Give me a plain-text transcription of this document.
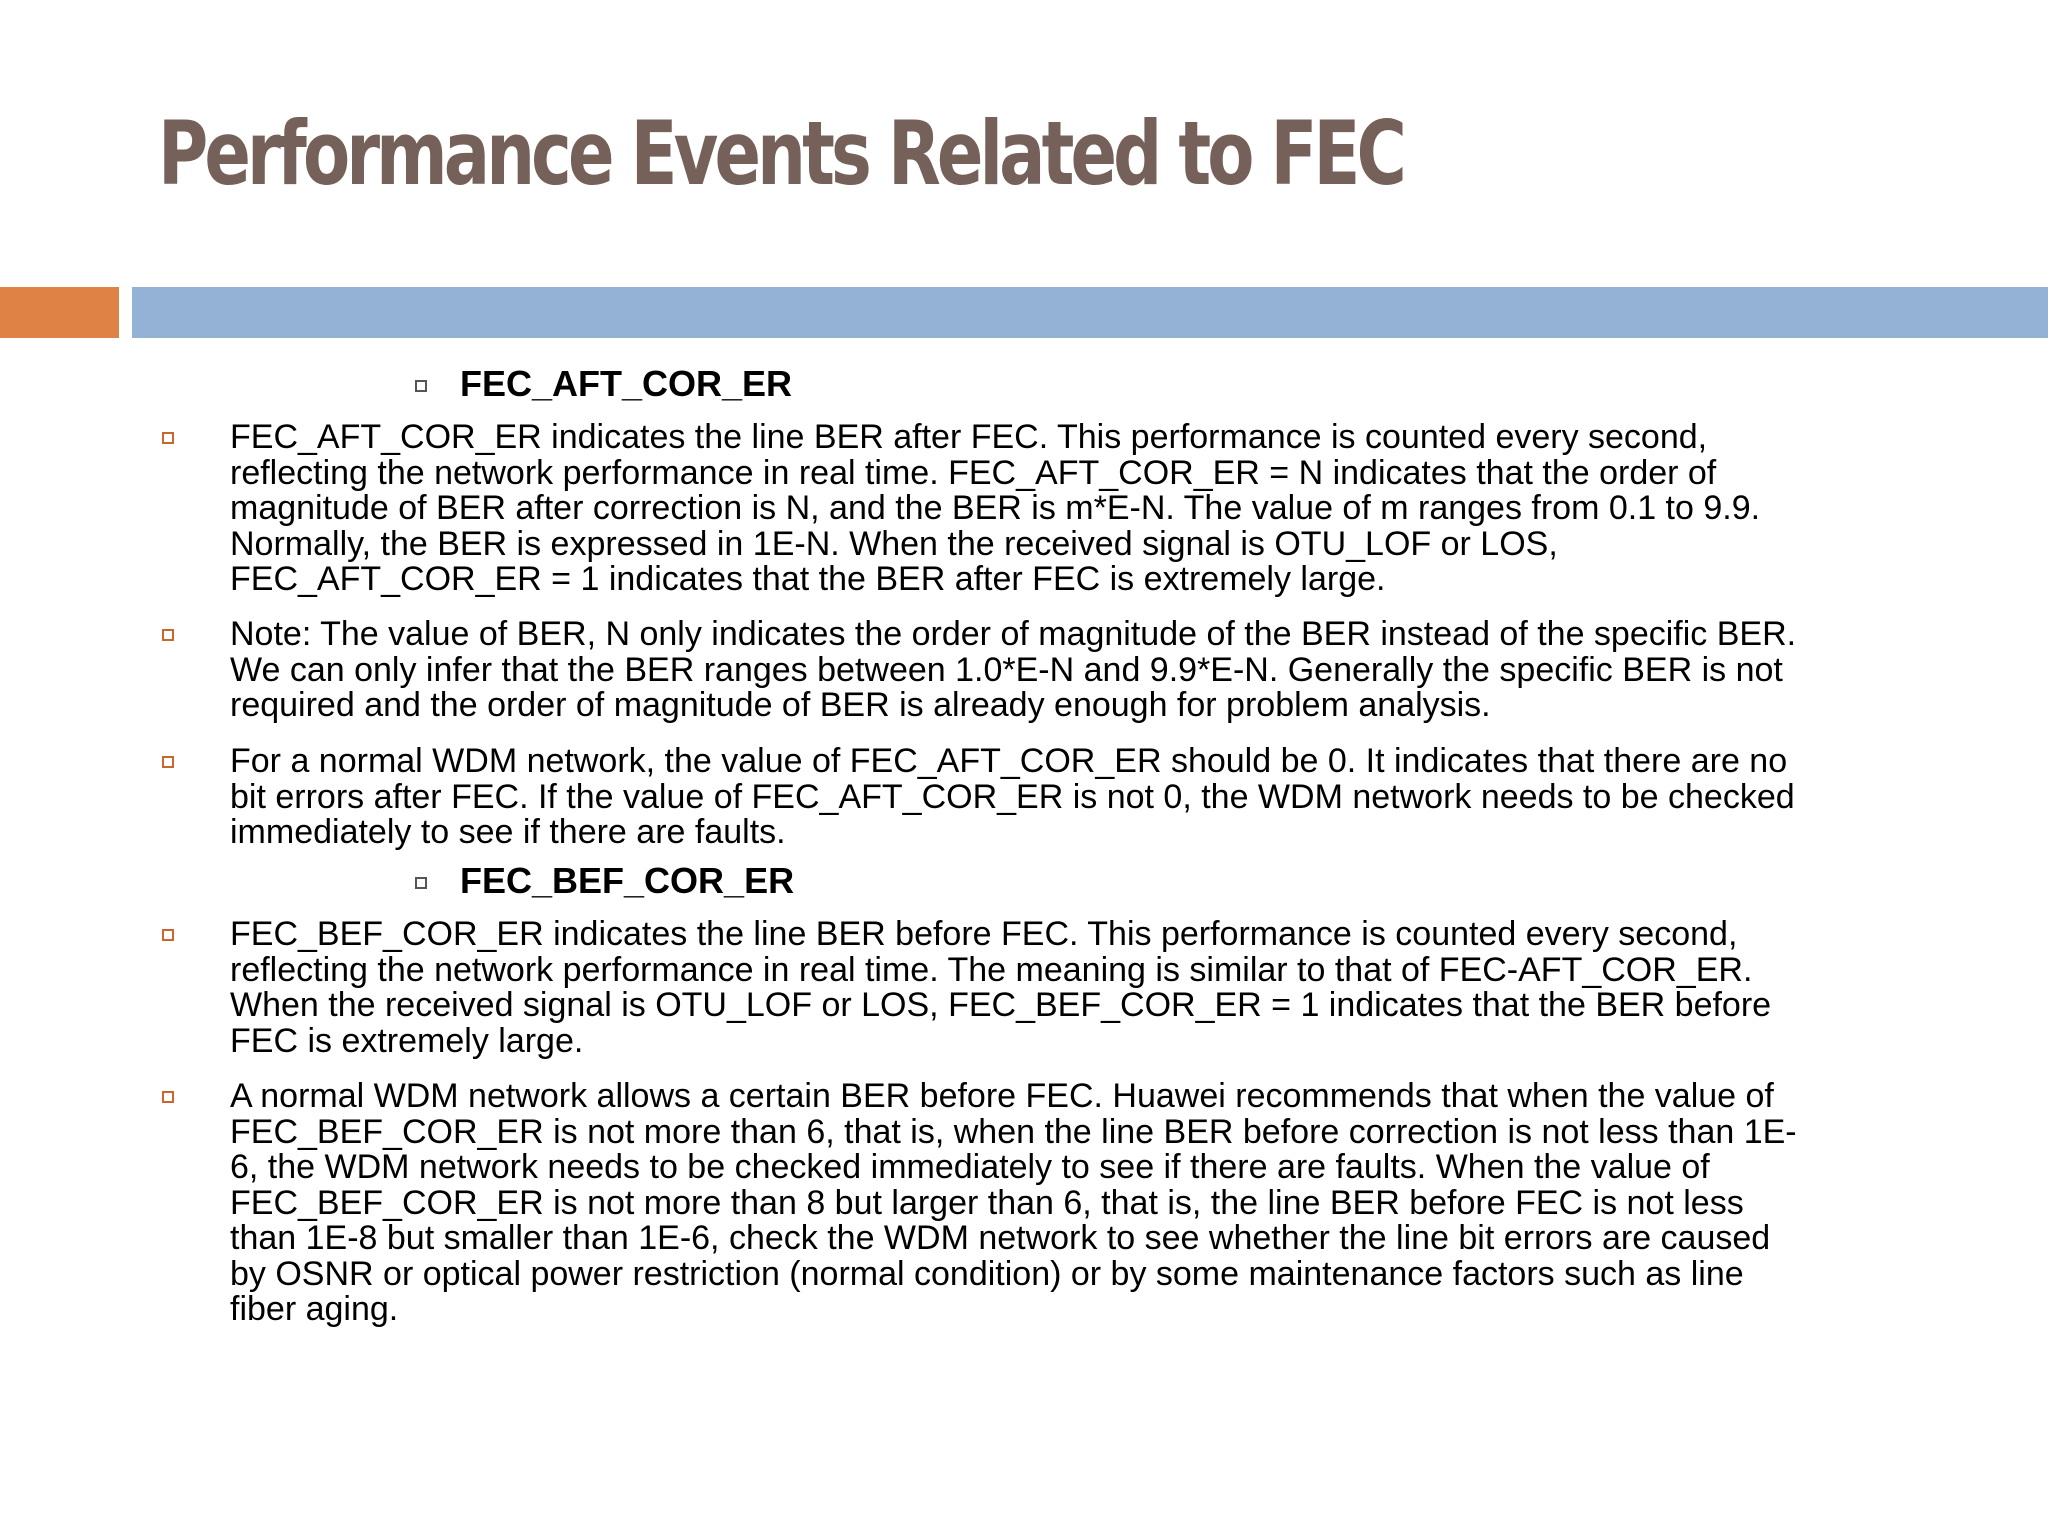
Performance Events Related to FEC
FEC_AFT_COR_ER
FEC_AFT_COR_ER indicates the line BER after FEC. This performance is counted every second,
reflecting the network performance in real time. FEC_AFT_COR_ER = N indicates that the order of
magnitude of BER after correction is N, and the BER is m*E-N. The value of m ranges from 0.1 to 9.9.
Normally, the BER is expressed in 1E-N. When the received signal is OTU_LOF or LOS,
FEC_AFT_COR_ER = 1 indicates that the BER after FEC is extremely large.
Note: The value of BER, N only indicates the order of magnitude of the BER instead of the specific BER.
We can only infer that the BER ranges between 1.0*E-N and 9.9*E-N. Generally the specific BER is not
required and the order of magnitude of BER is already enough for problem analysis.
For a normal WDM network, the value of FEC_AFT_COR_ER should be 0. It indicates that there are no
bit errors after FEC. If the value of FEC_AFT_COR_ER is not 0, the WDM network needs to be checked
immediately to see if there are faults.
FEC_BEF_COR_ER
FEC_BEF_COR_ER indicates the line BER before FEC. This performance is counted every second,
reflecting the network performance in real time. The meaning is similar to that of FEC-AFT_COR_ER.
When the received signal is OTU_LOF or LOS, FEC_BEF_COR_ER = 1 indicates that the BER before
FEC is extremely large.
A normal WDM network allows a certain BER before FEC. Huawei recommends that when the value of
FEC_BEF_COR_ER is not more than 6, that is, when the line BER before correction is not less than 1E-
6, the WDM network needs to be checked immediately to see if there are faults. When the value of
FEC_BEF_COR_ER is not more than 8 but larger than 6, that is, the line BER before FEC is not less
than 1E-8 but smaller than 1E-6, check the WDM network to see whether the line bit errors are caused
by OSNR or optical power restriction (normal condition) or by some maintenance factors such as line
fiber aging.
